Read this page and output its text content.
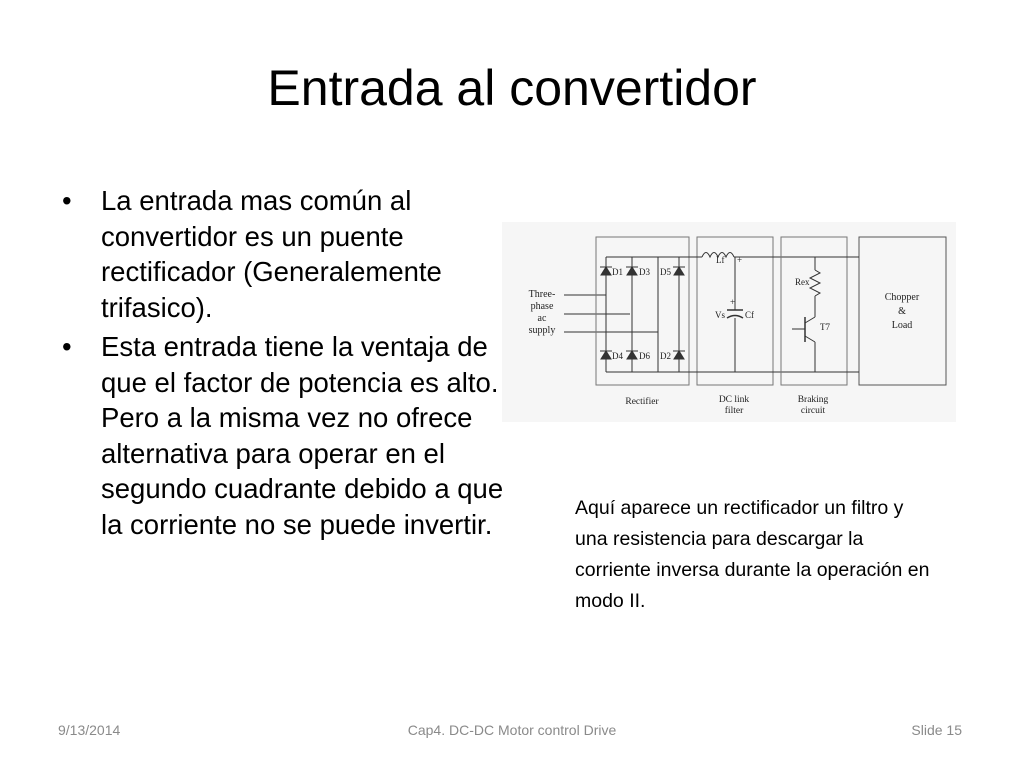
Entrada al convertidor
• La entrada mas común al convertidor es un puente rectificador (Generalemente trifasico).
• Esta entrada tiene la ventaja de que el factor de potencia es alto. Pero a la misma vez no ofrece alternativa para operar en el segundo cuadrante debido a que la corriente no se puede invertir.
Three-
phase
ac
supply
D1 D3 D5
D4 D6 D2
Lf +
+
Cf
Vs
Rex
T7
Chopper
&
Load
Rectifier	DC link
filter
Braking
circuit
Aquí aparece un rectificador un filtro y una resistencia para descargar la corriente inversa durante la operación en modo II.
9/13/2014	Cap4. DC-DC Motor control Drive	Slide 15
